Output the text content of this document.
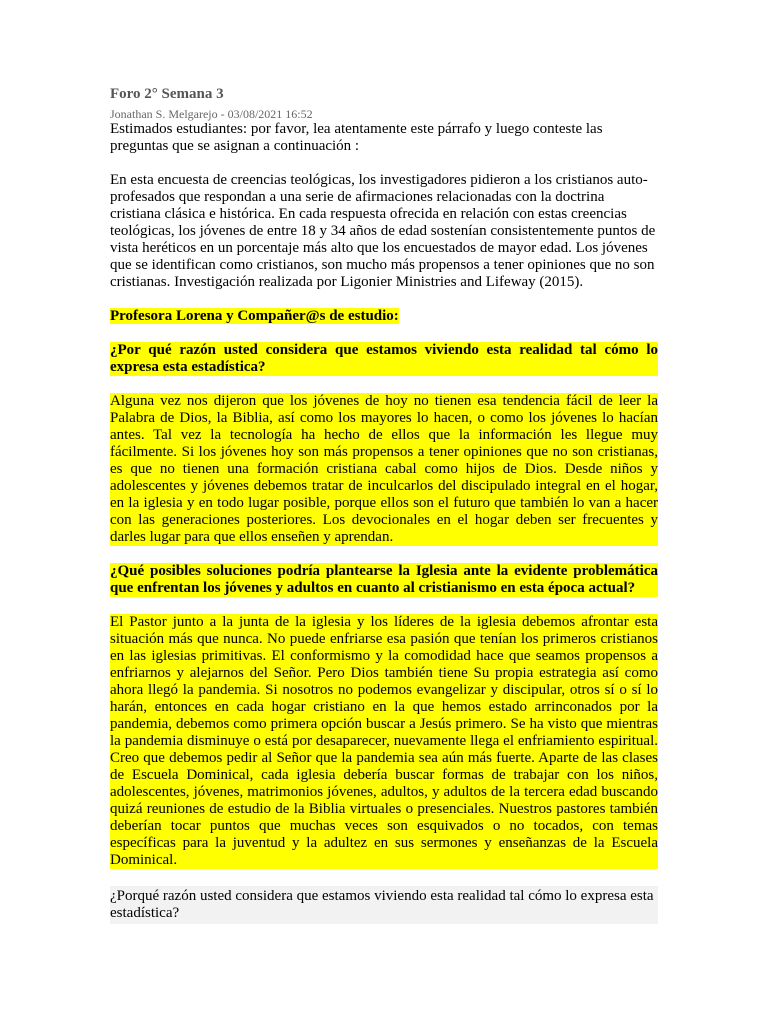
Foro 2° Semana 3
Jonathan S. Melgarejo - 03/08/2021 16:52

Estimados estudiantes: por favor, lea atentamente este párrafo y luego conteste las preguntas que se asignan a continuación :

En esta encuesta de creencias teológicas, los investigadores pidieron a los cristianos auto-profesados que respondan a una serie de afirmaciones relacionadas con la doctrina cristiana clásica e histórica. En cada respuesta ofrecida en relación con estas creencias teológicas, los jóvenes de entre 18 y 34 años de edad sostenían consistentemente puntos de vista heréticos en un porcentaje más alto que los encuestados de mayor edad. Los jóvenes que se identifican como cristianos, son mucho más propensos a tener opiniones que no son cristianas. Investigación realizada por Ligonier Ministries and Lifeway (2015).

Profesora Lorena y Compañer@s de estudio:

¿Por qué razón usted considera que estamos viviendo esta realidad tal cómo lo expresa esta estadística?

Alguna vez nos dijeron que los jóvenes de hoy no tienen esa tendencia fácil de leer la Palabra de Dios, la Biblia, así como los mayores lo hacen, o como los jóvenes lo hacían antes. Tal vez la tecnología ha hecho de ellos que la información les llegue muy fácilmente. Si los jóvenes hoy son más propensos a tener opiniones que no son cristianas, es que no tienen una formación cristiana cabal como hijos de Dios. Desde niños y adolescentes y jóvenes debemos tratar de inculcarlos del discipulado integral en el hogar, en la iglesia y en todo lugar posible, porque ellos son el futuro que también lo van a hacer con las generaciones posteriores. Los devocionales en el hogar deben ser frecuentes y darles lugar para que ellos enseñen y aprendan.

¿Qué posibles soluciones podría plantearse la Iglesia ante la evidente problemática que enfrentan los jóvenes y adultos en cuanto al cristianismo en esta época actual?

El Pastor junto a la junta de la iglesia y los líderes de la iglesia debemos afrontar esta situación más que nunca. No puede enfriarse esa pasión que tenían los primeros cristianos en las iglesias primitivas. El conformismo y la comodidad hace que seamos propensos a enfriarnos y alejarnos del Señor. Pero Dios también tiene Su propia estrategia así como ahora llegó la pandemia. Si nosotros no podemos evangelizar y discipular, otros sí o sí lo harán, entonces en cada hogar cristiano en la que hemos estado arrinconados por la pandemia, debemos como primera opción buscar a Jesús primero. Se ha visto que mientras la pandemia disminuye o está por desaparecer, nuevamente llega el enfriamiento espiritual. Creo que debemos pedir al Señor que la pandemia sea aún más fuerte. Aparte de las clases de Escuela Dominical, cada iglesia debería buscar formas de trabajar con los niños, adolescentes, jóvenes, matrimonios jóvenes, adultos, y adultos de la tercera edad buscando quizá reuniones de estudio de la Biblia virtuales o presenciales. Nuestros pastores también deberían tocar puntos que muchas veces son esquivados o no tocados, con temas específicas para la juventud y la adultez en sus sermones y enseñanzas de la Escuela Dominical.

¿Porqué razón usted considera que estamos viviendo esta realidad tal cómo lo expresa esta estadística?
